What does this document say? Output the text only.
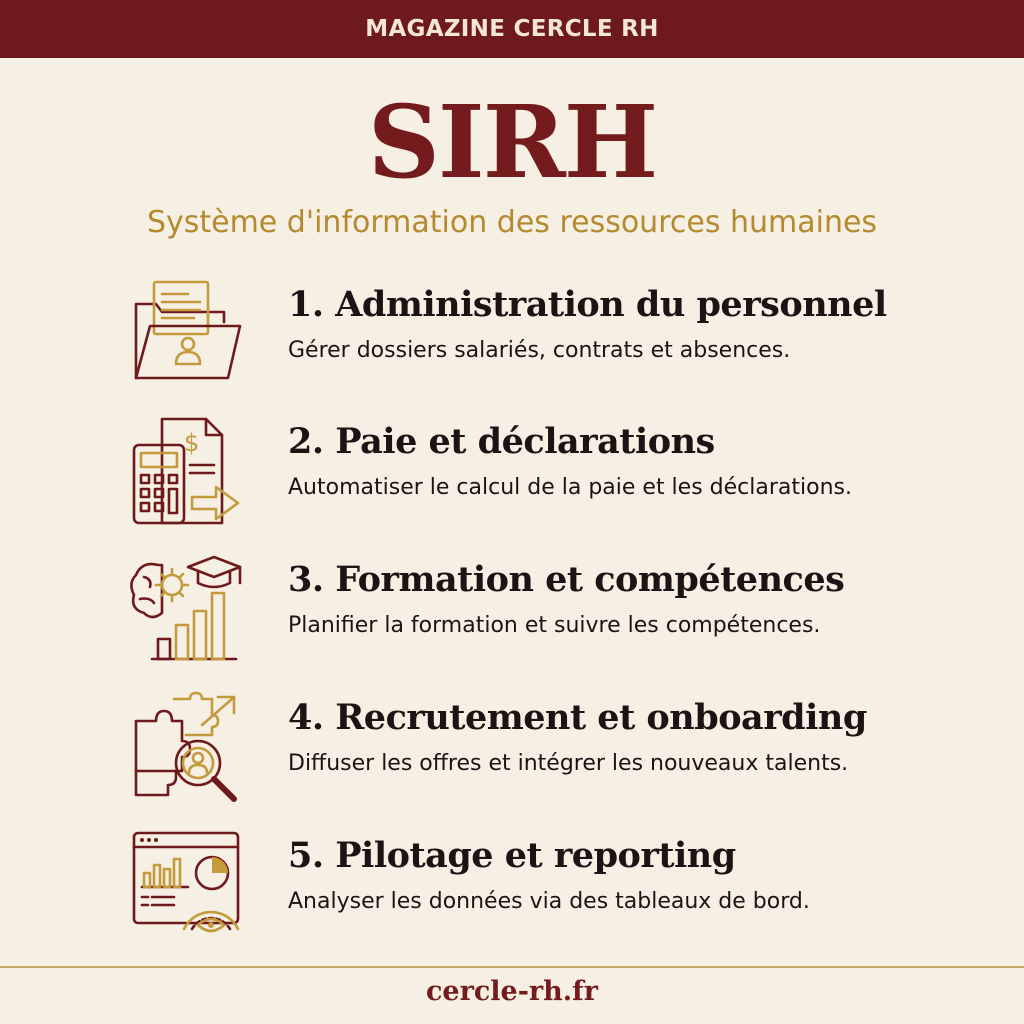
MAGAZINE CERCLE RH
SIRH
Système d'information des ressources humaines
1. Administration du personnel
Gérer dossiers salariés, contrats et absences.
$	2. Paie et déclarations
Automatiser le calcul de la paie et les déclarations.
3. Formation et compétences
Planifier la formation et suivre les compétences.
4. Recrutement et onboarding
Diffuser les offres et intégrer les nouveaux talents.
5. Pilotage et reporting
Analyser les données via des tableaux de bord.
cercle-rh.fr
